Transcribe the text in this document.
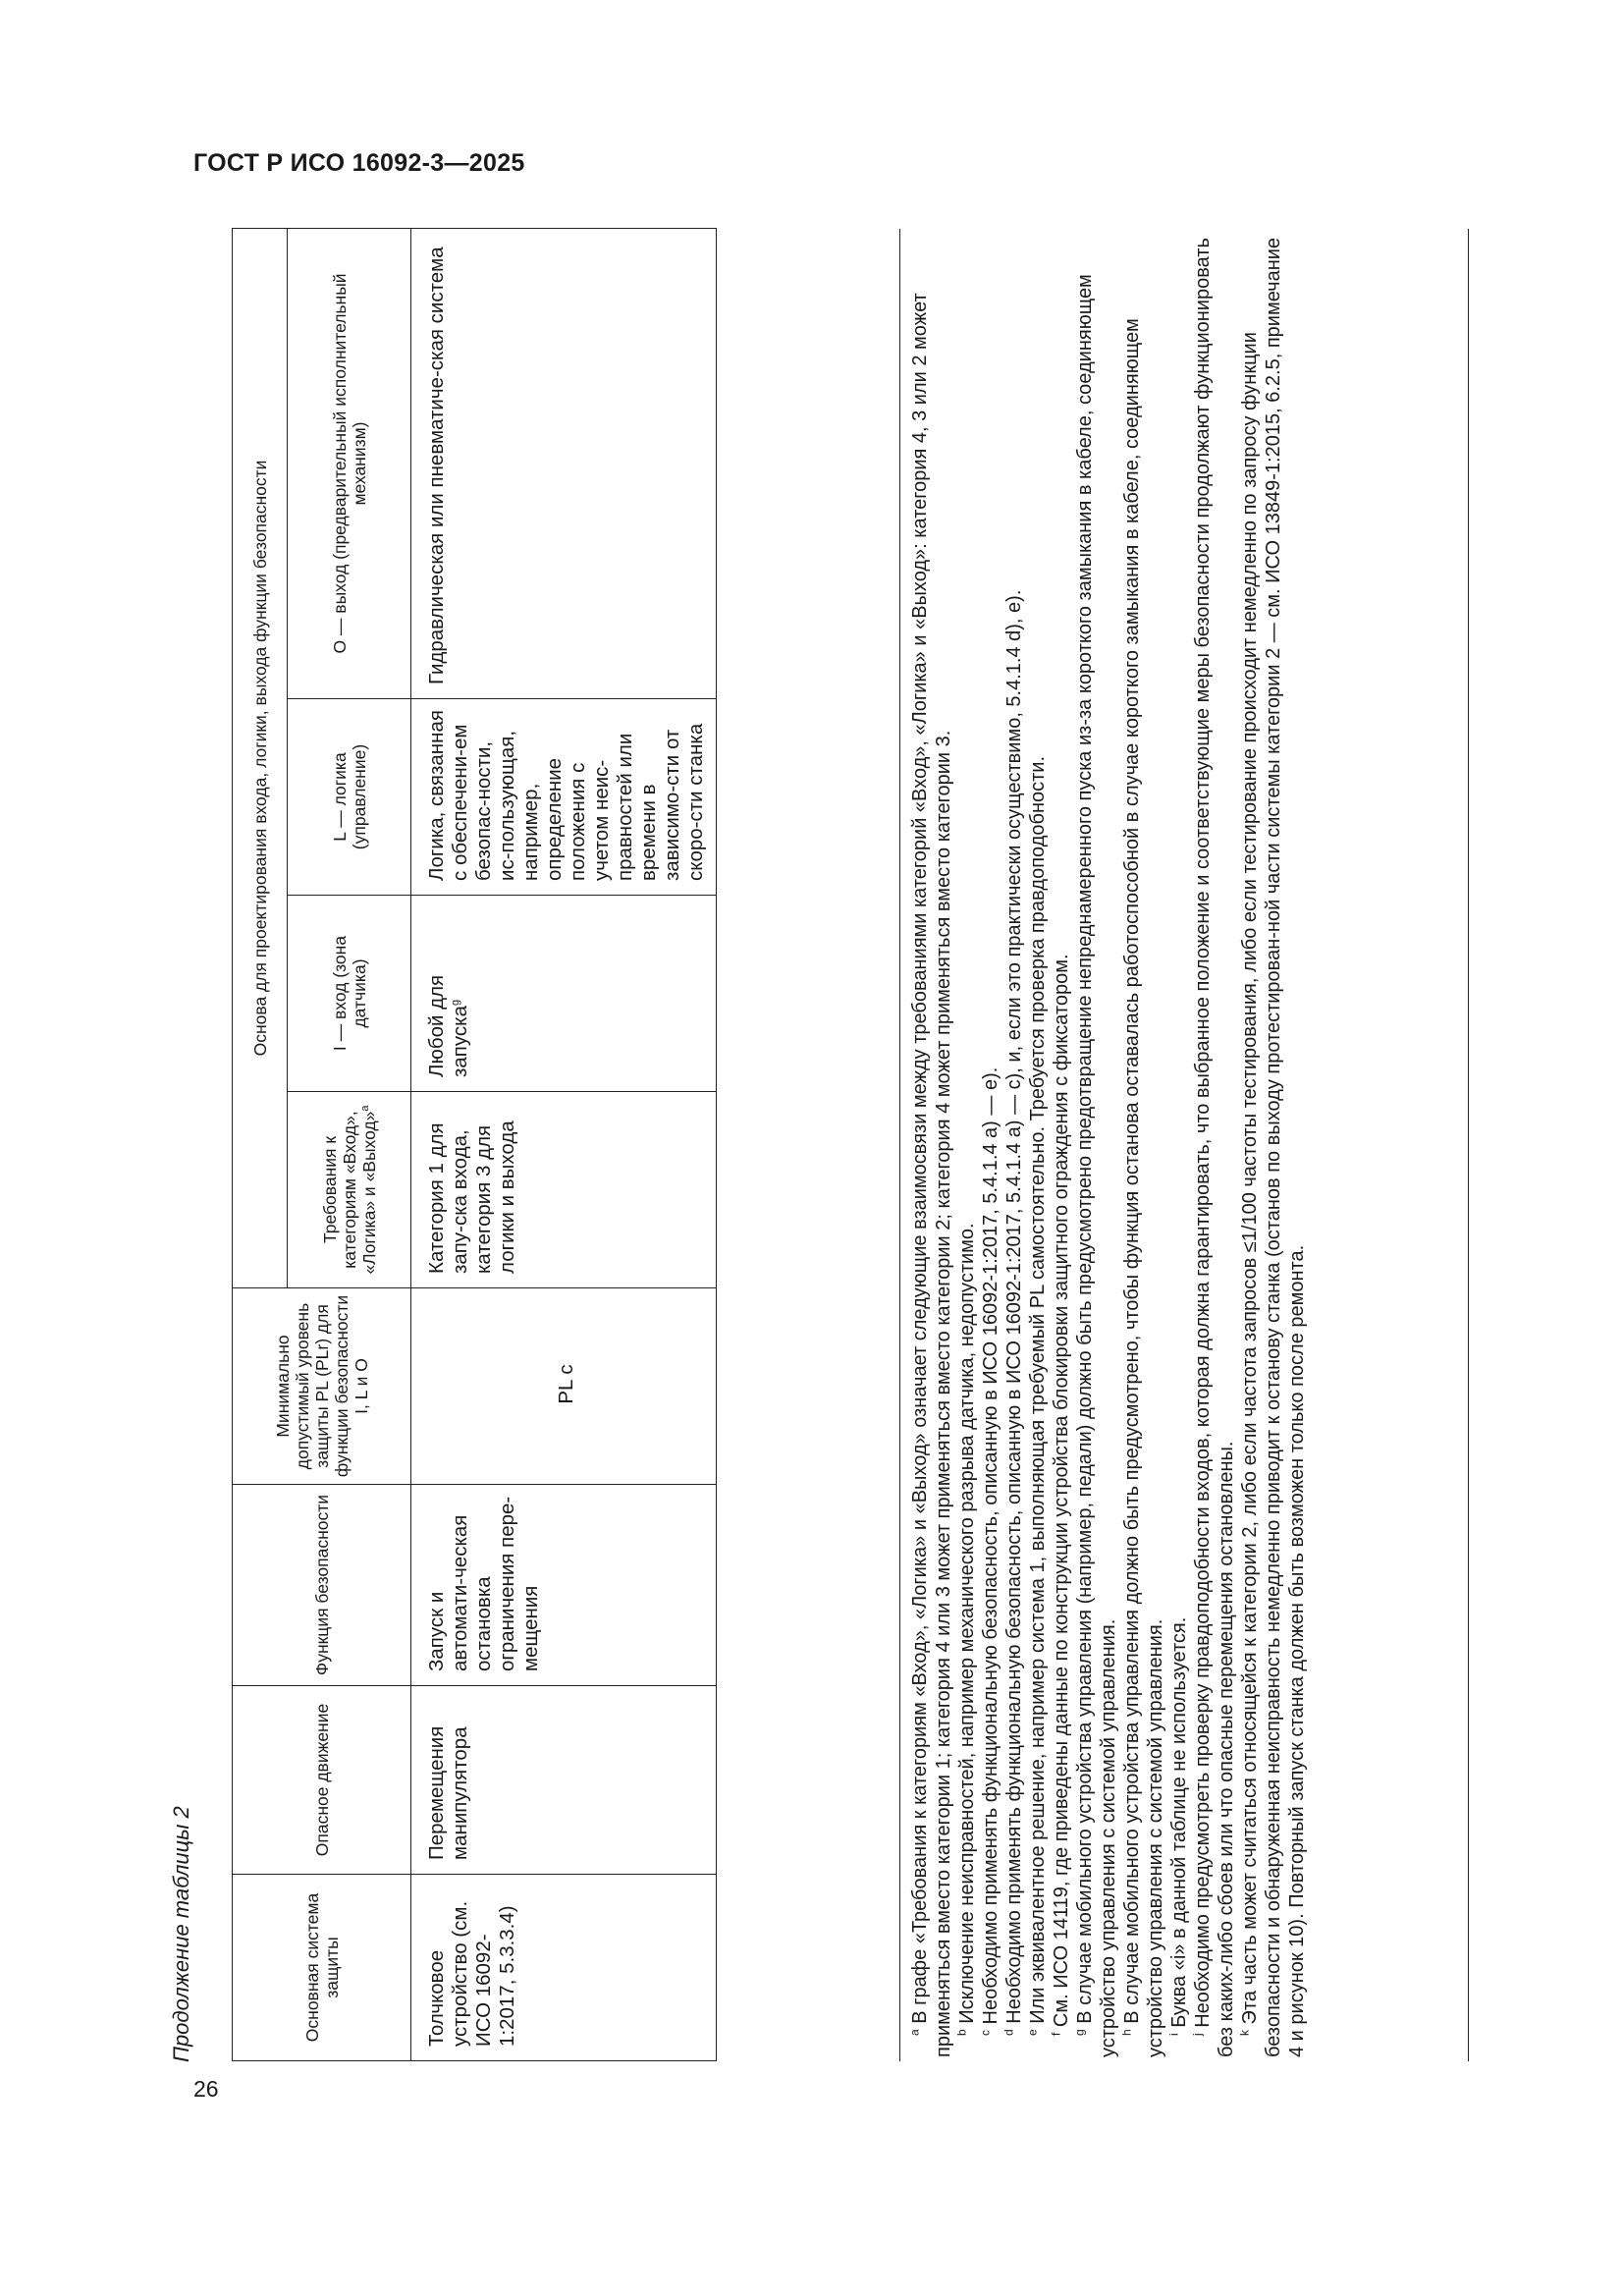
ГОСТ Р ИСО 16092-3—2025
26
Продолжение таблицы 2	Основная система защиты	Опасное движение	Функция безопасности	Минимально допустимый уровень защиты PL (PLr) для функции безопасности I, L и O	Основа для проектирования входа, логики, выхода функции безопасности			
				Требования к категориям «Вход», «Логика» и «Выход»$^a$	I — вход (зона датчика)	L — логика (управление)	O — выход (предварительный исполнительный механизм)
Толчковое устройство (см. ИСО 16092-1:2017, 5.3.3.4)	Перемещения манипулятора	Запуск и автомати-ческая остановка ограничения пере-мещения	PL c	Категория 1 для запу-ска входа, категория 3 для логики и выхода	Любой для запуска$^g$	Логика, связанная с обеспечени-ем безопас-ности, ис-пользующая, например, определение положения с учетом неис-правностей или времени в зависимо-сти от скоро-сти станка	Гидравлическая или пневматиче-ская система

$^a$ В графе «Требования к категориям «Вход», «Логика» и «Выход» означает следующие взаимосвязи между требованиями категорий «Вход», «Логика» и «Выход»: категория 4, 3 или 2 может применяться вместо категории 1; категория 4 или 3 может применяться вместо категории 2; категория 4 может применяться вместо категории 3. $^b$ Исключение неисправностей, например механического разрыва датчика, недопустимо.

$^c$ Необходимо применять функциональную безопасность, описанную в ИСО 16092-1:2017, 5.4.1.4 a) — e).

$^d$ Необходимо применять функциональную безопасность, описанную в ИСО 16092-1:2017, 5.4.1.4 a) — c), и, если это практически осуществимо, 5.4.1.4 d), e).

$^e$ Или эквивалентное решение, например система 1, выполняющая требуемый PL самостоятельно. Требуется проверка правдоподобности.

$^f$ См. ИСО 14119, где приведены данные по конструкции устройства блокировки защитного ограждения с фиксатором.

$^g$ В случае мобильного устройства управления (например, педали) должно быть предусмотрено предотвращение непреднамеренного пуска из-за короткого замыкания в кабеле, соединяющем устройство управления с системой управления. $^h$ В случае мобильного устройства управления должно быть предусмотрено, чтобы функция останова оставалась работоспособной в случае короткого замыкания в кабеле, соединяющем устройство управления с системой управления. $^i$ Буква «i» в данной таблице не используется.

$^j$ Необходимо предусмотреть проверку правдоподобности входов, которая должна гарантировать, что выбранное положение и соответствующие меры безопасности продолжают функционировать без каких-либо сбоев или что опасные перемещения остановлены. $^k$ Эта часть может считаться относящейся к категории 2, либо если частота запросов ≤1/100 частоты тестирования, либо если тестирование происходит немедленно по запросу функции безопасности и обнаруженная неисправность немедленно приводит к останову станка (останов по выходу протестирован-ной части системы категории 2 — см. ИСО 13849-1:2015, 6.2.5, примечание 4 и рисунок 10). Повторный запуск станка должен быть возможен только после ремонта.
